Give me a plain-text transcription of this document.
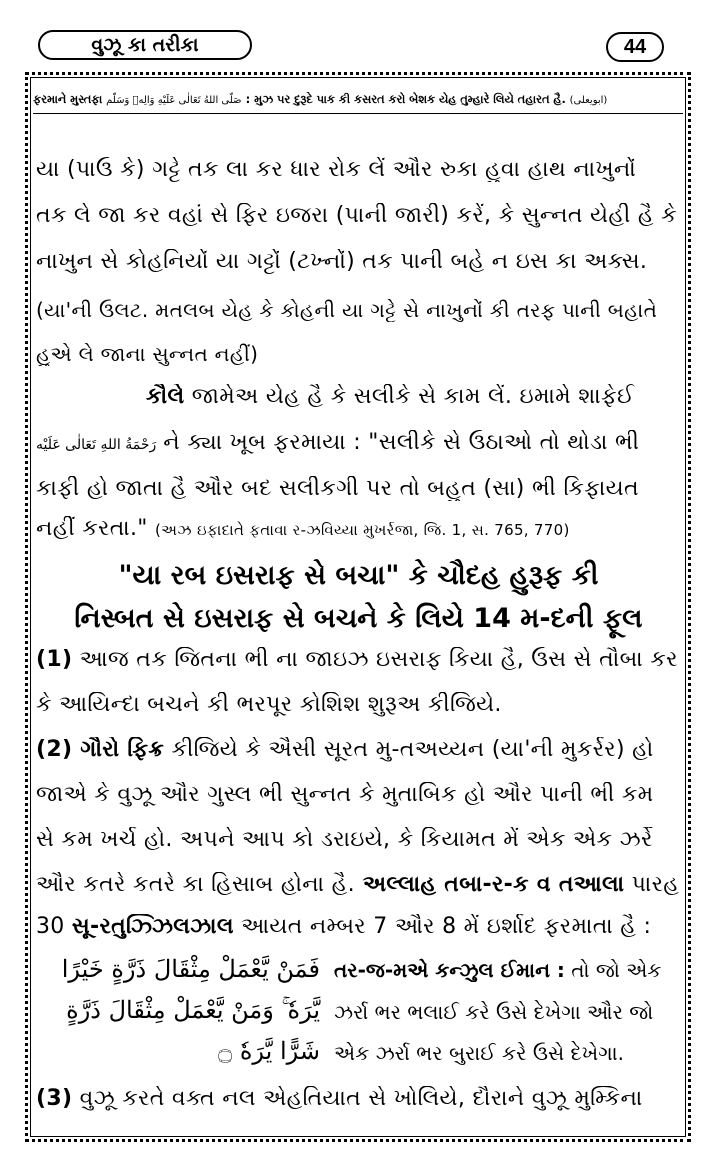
વુઝૂ કા તરીકા	44
ફરમાને મુસ્તફા صَلَّى اللهُ تَعَالٰى عَلَيْهِ وَالِهٖ وَسَلَّم : મુઝ પર દુરૂદે પાક કી કસરત કરો બેશક યેહ તુમ્હારે લિયે તહારત હૈ. (ابویعلی)
યા (પાઉ કે) ગટ્ટે તક લા કર ધાર રોક લેં ઔર રુકા હુવા હાથ નાખુનોં
તક લે જા કર વહાં સે ફિર ઇજરા (પાની જારી) કરેં, કે સુન્નત યેહી હૈ કે
નાખુન સે કોહનિયોં યા ગટ્ટોં (ટખ્નોં) તક પાની બહે ન ઇસ કા અક્સ.
(યા'ની ઉલટ. મતલબ યેહ કે કોહની યા ગટ્ટે સે નાખુનોં કી તરફ પાની બહાતે
હુએ લે જાના સુન્નત નહીં)
કૌલે જામેઅ યેહ હૈ કે સલીકે સે કામ લેં. ઇમામે શાફેઈ
رَحْمَةُ اللهِ تَعَالٰى عَلَيْه ને ક્યા ખૂબ ફરમાયા : "સલીકે સે ઉઠાઓ તો થોડા ભી
કાફી હો જાતા હૈ ઔર બદ સલીકગી પર તો બહુત (સા) ભી કિફાયત
નહીં કરતા." (અઝ ઇફાદાતે ફતાવા ર-ઝવિય્યા મુખર્રજા, જિ. 1, સ. 765, 770)
"યા રબ ઇસરાફ સે બચા" કે ચૌદહ હુરૂફ કી
નિસ્બત સે ઇસરાફ સે બચને કે લિયે 14 મ-દની ફૂલ
(1) આજ તક જિતના ભી ના જાઇઝ ઇસરાફ કિયા હૈ, ઉસ સે તૌબા કર
કે આયિન્દા બચને કી ભરપૂર કોશિશ શુરૂઅ કીજિયે.
(2) ગૌરો ફિક્ર કીજિયે કે ઐસી સૂરત મુ-તઅય્યન (યા'ની મુકર્રર) હો
જાએ કે વુઝૂ ઔર ગુસ્લ ભી સુન્નત કે મુતાબિક હો ઔર પાની ભી કમ
સે કમ ખર્ચ હો. અપને આપ કો ડરાઇયે, કે કિયામત મેં એક એક ઝર્રે
ઔર કતરે કતરે કા હિસાબ હોના હૈ. અલ્લાહ તબા-ર-ક વ તઆલા પારહ
30 સૂ-રતુઝ્ઝિલઝાલ આયત નમ્બર 7 ઔર 8 મેં ઇર્શાદ ફરમાતા હૈ :
فَمَنْ يَّعْمَلْ مِثْقَالَ ذَرَّةٍ خَيْرًا
يَّرَهٗ ۚ وَمَنْ يَّعْمَلْ مِثْقَالَ ذَرَّةٍ
شَرًّا يَّرَهٗ ۝
તર-જ-મએ કન્ઝુલ ઈમાન : તો જો એક
ઝર્રા ભર ભલાઈ કરે ઉસે દેખેગા ઔર જો
એક ઝર્રા ભર બુરાઈ કરે ઉસે દેખેગા.
(3) વુઝૂ કરતે વક્ત નલ એહતિયાત સે ખોલિયે, દૌરાને વુઝૂ મુમ્કિના
